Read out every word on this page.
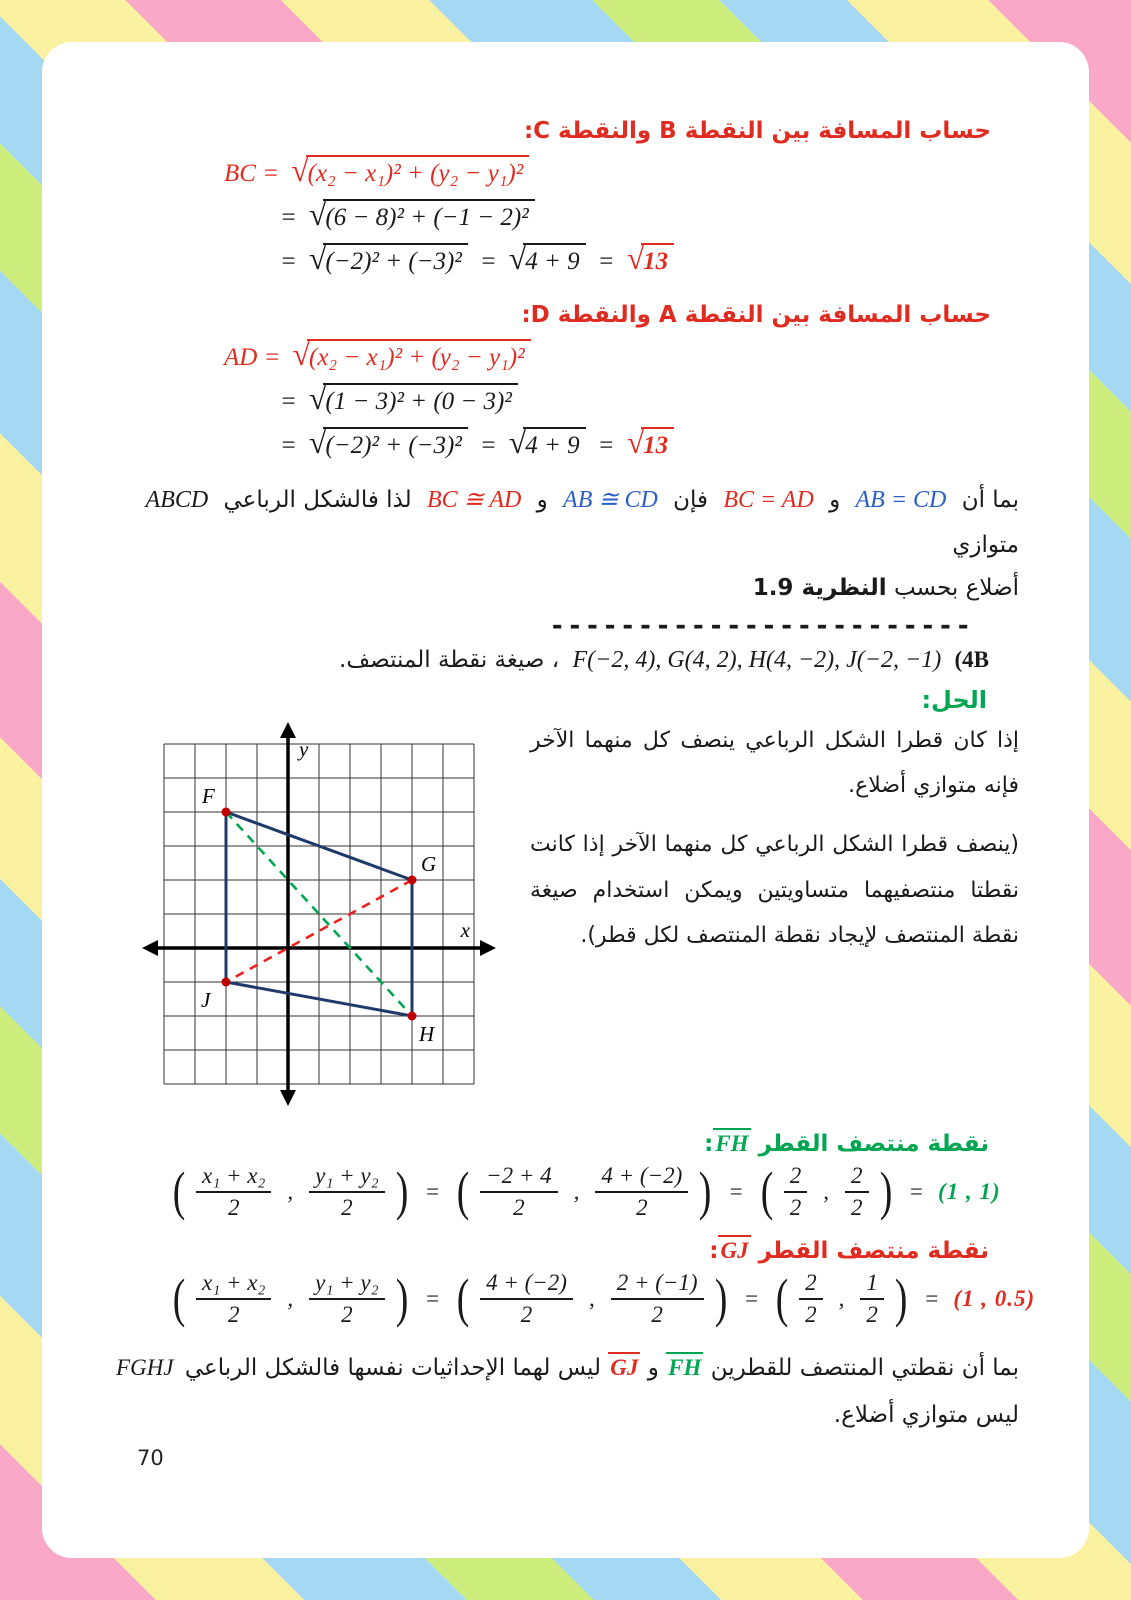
حساب المسافة بين النقطة B والنقطة C:
BC = √ (x₂ − x₁)² + (y₂ − y₁)²
= √ (6 − 8)² + (−1 − 2)²
= √ (−2)² + (−3)² = √ 4 + 9 = √ 13
حساب المسافة بين النقطة A والنقطة D:
AD = √ (x₂ − x₁)² + (y₂ − y₁)²
= √ (1 − 3)² + (0 − 3)²
= √ (−2)² + (−3)² = √ 4 + 9 = √ 13

بما أن AB = CD و BC = AD فإن AB ≅ CD و BC ≅ AD لذا فالشكل الرباعي ABCD متوازي

أضلاع بحسب النظرية 1.9

------------------------

(4B F(−2, 4), G(4, 2), H(4, −2), J(−2, −1) ، صيغة نقطة المنتصف.

الحل:

F
G
H
J
y
x

إذا كان قطرا الشكل الرباعي ينصف كل منهما الآخر فإنه متوازي أضلاع.

(ينصف قطرا الشكل الرباعي كل منهما الآخر إذا كانت نقطتا منتصفيهما متساويتين ويمكن استخدام صيغة نقطة المنتصف لإيجاد نقطة المنتصف لكل قطر).

نقطة منتصف القطر FH:
( $\frac{\text{x₁ + x₂}}{2}$ , $\frac{\text{y₁ + y₂}}{2}$ ) = ( $\frac{-2 + 4}{2}$ , $\frac{4 + (-2)}{2}$ ) = ( $\frac{2}{2}$ , $\frac{2}{2}$ ) = (1 , 1)
نقطة منتصف القطر GJ:
( $\frac{\text{x₁ + x₂}}{2}$ , $\frac{\text{y₁ + y₂}}{2}$ ) = ( $\frac{4 + (-2)}{2}$ , $\frac{2 + (-1)}{2}$ ) = ( $\frac{2}{2}$ , $\frac{1}{2}$ ) = (1 , 0.5)

بما أن نقطتي المنتصف للقطرين FH و GJ ليس لهما الإحداثيات نفسها فالشكل الرباعي FGHJ ليس متوازي أضلاع.

70
